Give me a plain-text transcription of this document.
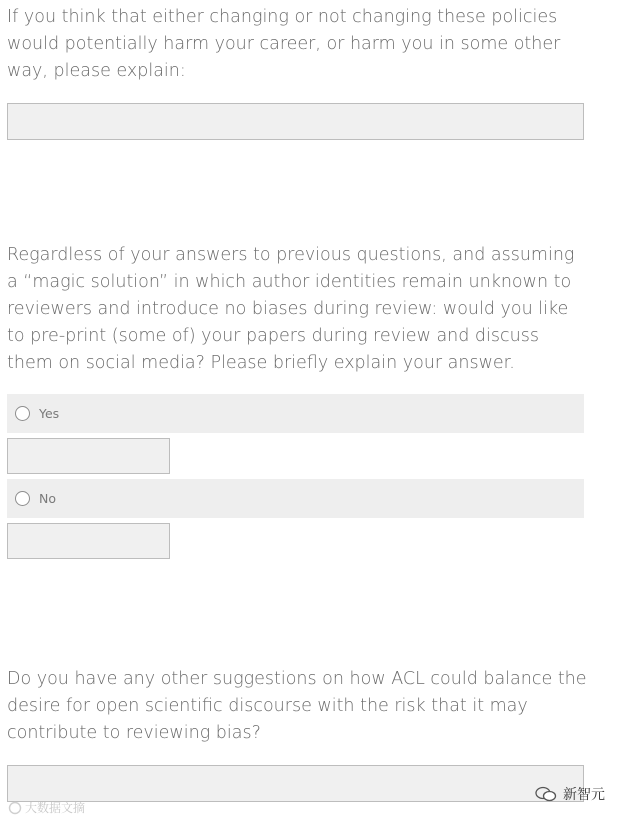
If you think that either changing or not changing these policies would potentially harm your career, or harm you in some other way, please explain:
Regardless of your answers to previous questions, and assuming a “magic solution” in which author identities remain unknown to reviewers and introduce no biases during review: would you like to pre-print (some of) your papers during review and discuss them on social media? Please briefly explain your answer.
Yes
No
Do you have any other suggestions on how ACL could balance the desire for open scientific discourse with the risk that it may contribute to reviewing bias?
大数据文摘
新智元
